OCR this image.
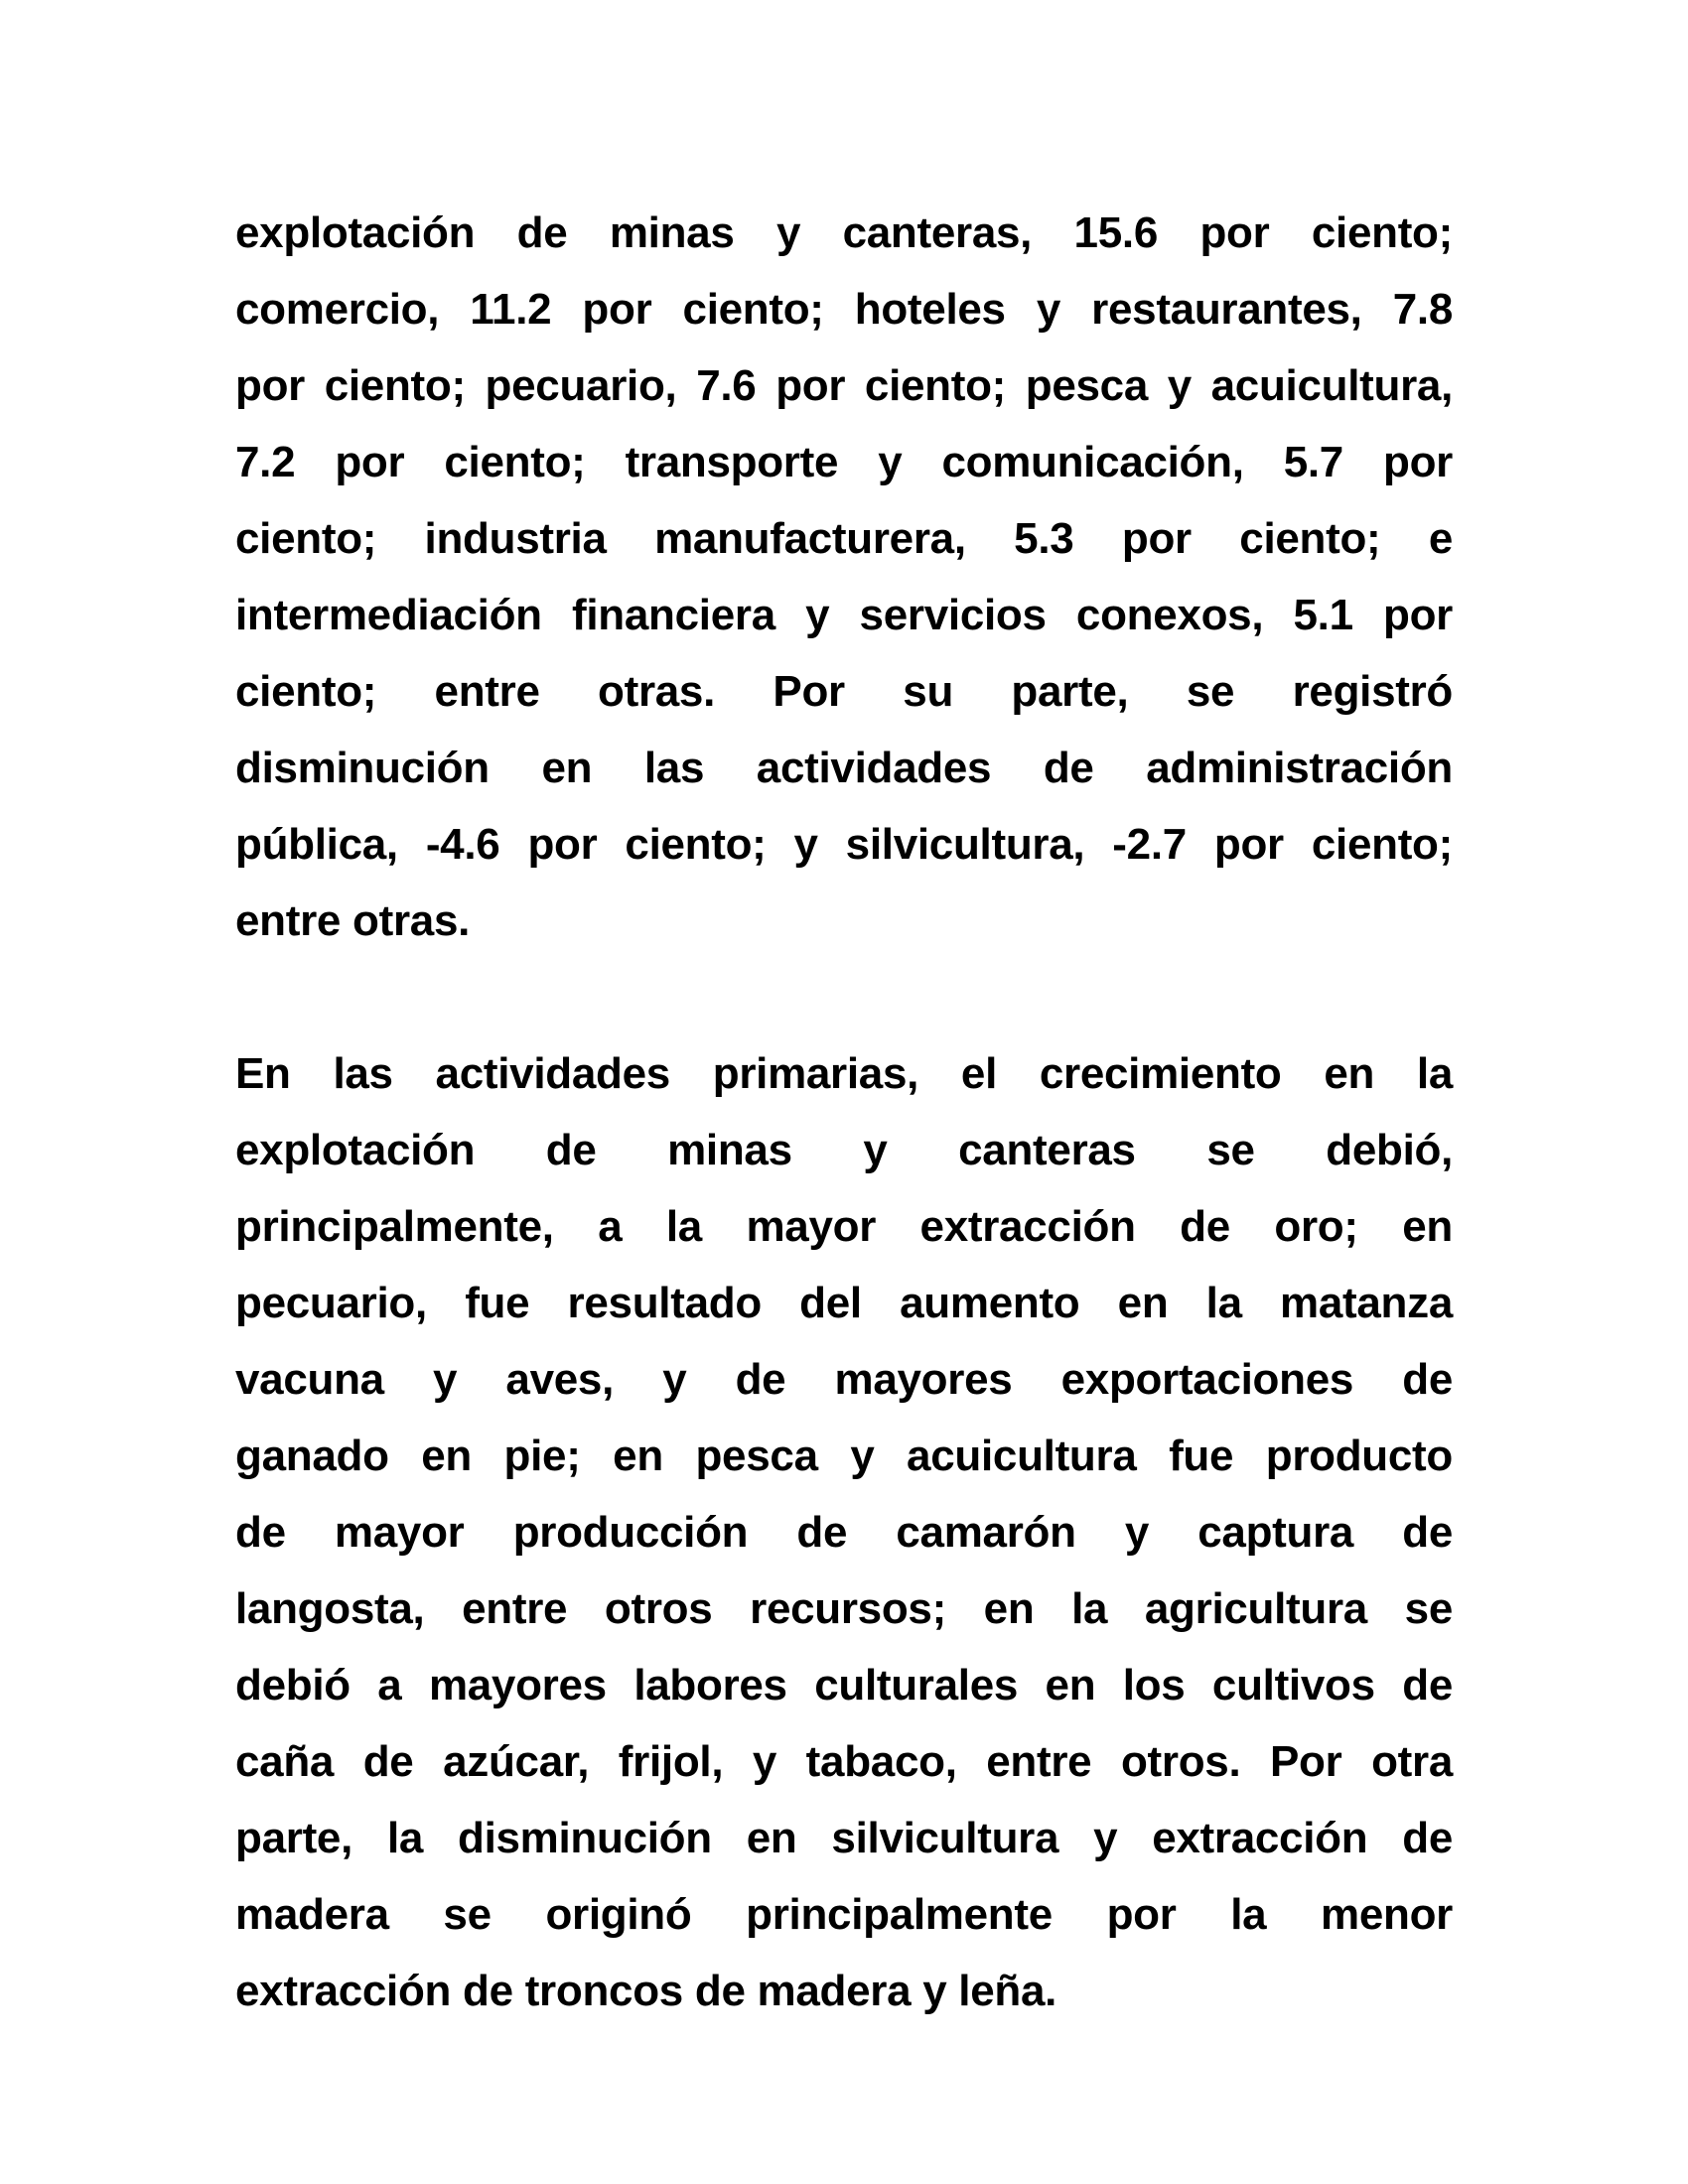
explotación de minas y canteras, 15.6 por ciento;
comercio, 11.2 por ciento; hoteles y restaurantes, 7.8
por ciento; pecuario, 7.6 por ciento; pesca y acuicultura,
7.2 por ciento; transporte y comunicación, 5.7 por
ciento; industria manufacturera, 5.3 por ciento; e
intermediación financiera y servicios conexos, 5.1 por
ciento; entre otras. Por su parte, se registró
disminución en las actividades de administración
pública, -4.6 por ciento; y silvicultura, -2.7 por ciento;
entre otras.
En las actividades primarias, el crecimiento en la
explotación de minas y canteras se debió,
principalmente, a la mayor extracción de oro; en
pecuario, fue resultado del aumento en la matanza
vacuna y aves, y de mayores exportaciones de
ganado en pie; en pesca y acuicultura fue producto
de mayor producción de camarón y captura de
langosta, entre otros recursos; en la agricultura se
debió a mayores labores culturales en los cultivos de
caña de azúcar, frijol, y tabaco, entre otros. Por otra
parte, la disminución en silvicultura y extracción de
madera se originó principalmente por la menor
extracción de troncos de madera y leña.
